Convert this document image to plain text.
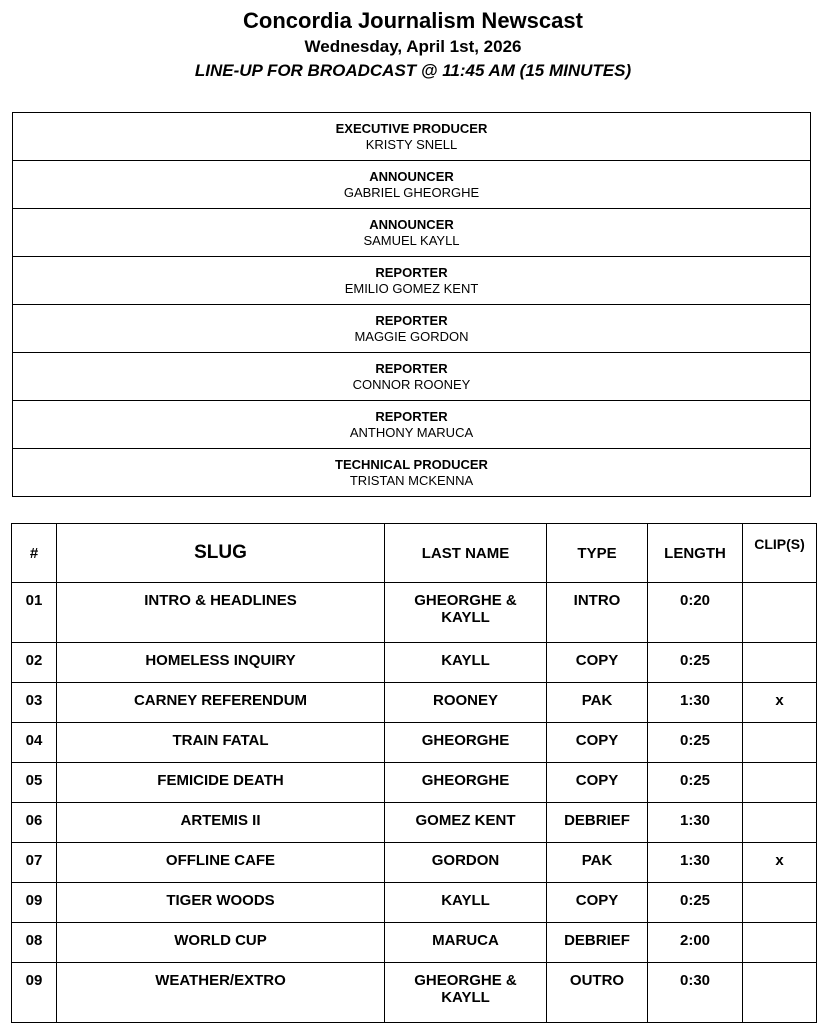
Concordia Journalism Newscast
Wednesday, April 1st, 2026
LINE-UP FOR BROADCAST @ 11:45 AM (15 MINUTES)
EXECUTIVE PRODUCER
KRISTY SNELL

ANNOUNCER
GABRIEL GHEORGHE

ANNOUNCER
SAMUEL KAYLL

REPORTER
EMILIO GOMEZ KENT

REPORTER
MAGGIE GORDON

REPORTER
CONNOR ROONEY

REPORTER
ANTHONY MARUCA

TECHNICAL PRODUCER
TRISTAN MCKENNA
#	SLUG	LAST NAME	TYPE	LENGTH	CLIP(S)
01	INTRO & HEADLINES	GHEORGHE & KAYLL	INTRO	0:20	
02	HOMELESS INQUIRY	KAYLL	COPY	0:25	
03	CARNEY REFERENDUM	ROONEY	PAK	1:30	x
04	TRAIN FATAL	GHEORGHE	COPY	0:25	
05	FEMICIDE DEATH	GHEORGHE	COPY	0:25	
06	ARTEMIS II	GOMEZ KENT	DEBRIEF	1:30	
07	OFFLINE CAFE	GORDON	PAK	1:30	x
09	TIGER WOODS	KAYLL	COPY	0:25	
08	WORLD CUP	MARUCA	DEBRIEF	2:00	
09	WEATHER/EXTRO	GHEORGHE & KAYLL	OUTRO	0:30	
